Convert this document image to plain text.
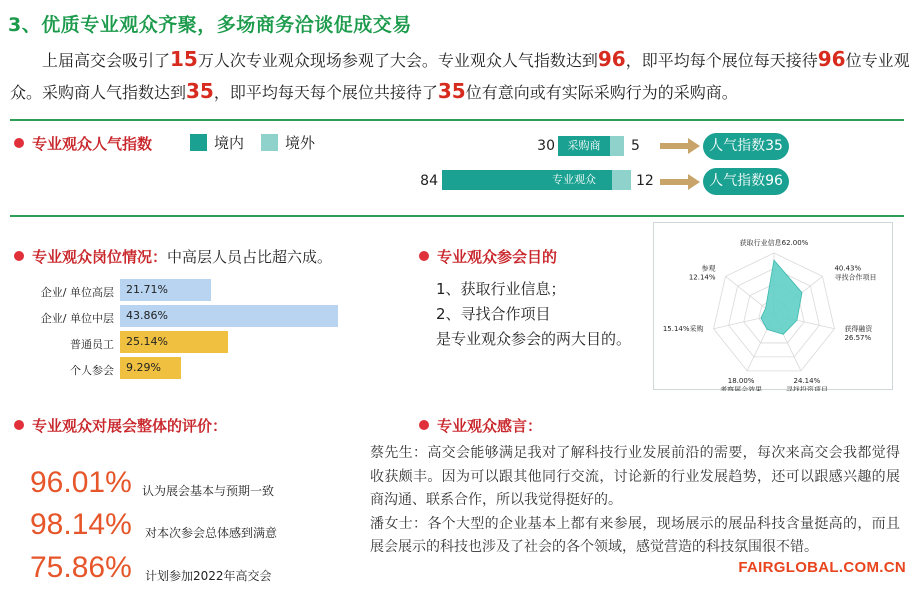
3、优质专业观众齐聚，多场商务洽谈促成交易
上届高交会吸引了15万人次专业观众现场参观了大会。专业观众人气指数达到96，即平均每个展位每天接待96位专业观众。采购商人气指数达到35，即平均每天每个展位共接待了35位有意向或有实际采购行为的采购商。
专业观众人气指数	境内	境外	30	采购商	5	人气指数35
84	专业观众	12	人气指数96
专业观众岗位情况：中高层人员占比超六成。
企业/ 单位高层	21.71%
企业/ 单位中层	43.86%
普通员工	25.14%
个人参会	9.29%
专业观众参会目的
1、获取行业信息；
2、寻找合作项目
是专业观众参会的两大目的。
获取行业信息62.00%
40.43%寻找合作项目
获得融资 26.57%
24.14%寻找投资项目
18.00%考察展会效果
15.14%采购
参观 12.14%
专业观众对展会整体的评价：
96.01% 认为展会基本与预期一致
98.14% 对本次参会总体感到满意
75.86% 计划参加2022年高交会
专业观众感言：
蔡先生：高交会能够满足我对了解科技行业发展前沿的需要，每次来高交会我都觉得收获颇丰。因为可以跟其他同行交流，讨论新的行业发展趋势，还可以跟感兴趣的展商沟通、联系合作，所以我觉得挺好的。
潘女士：各个大型的企业基本上都有来参展，现场展示的展品科技含量挺高的，而且展会展示的科技也涉及了社会的各个领域，感觉营造的科技氛围很不错。
FAIRGLOBAL.COM.CN
